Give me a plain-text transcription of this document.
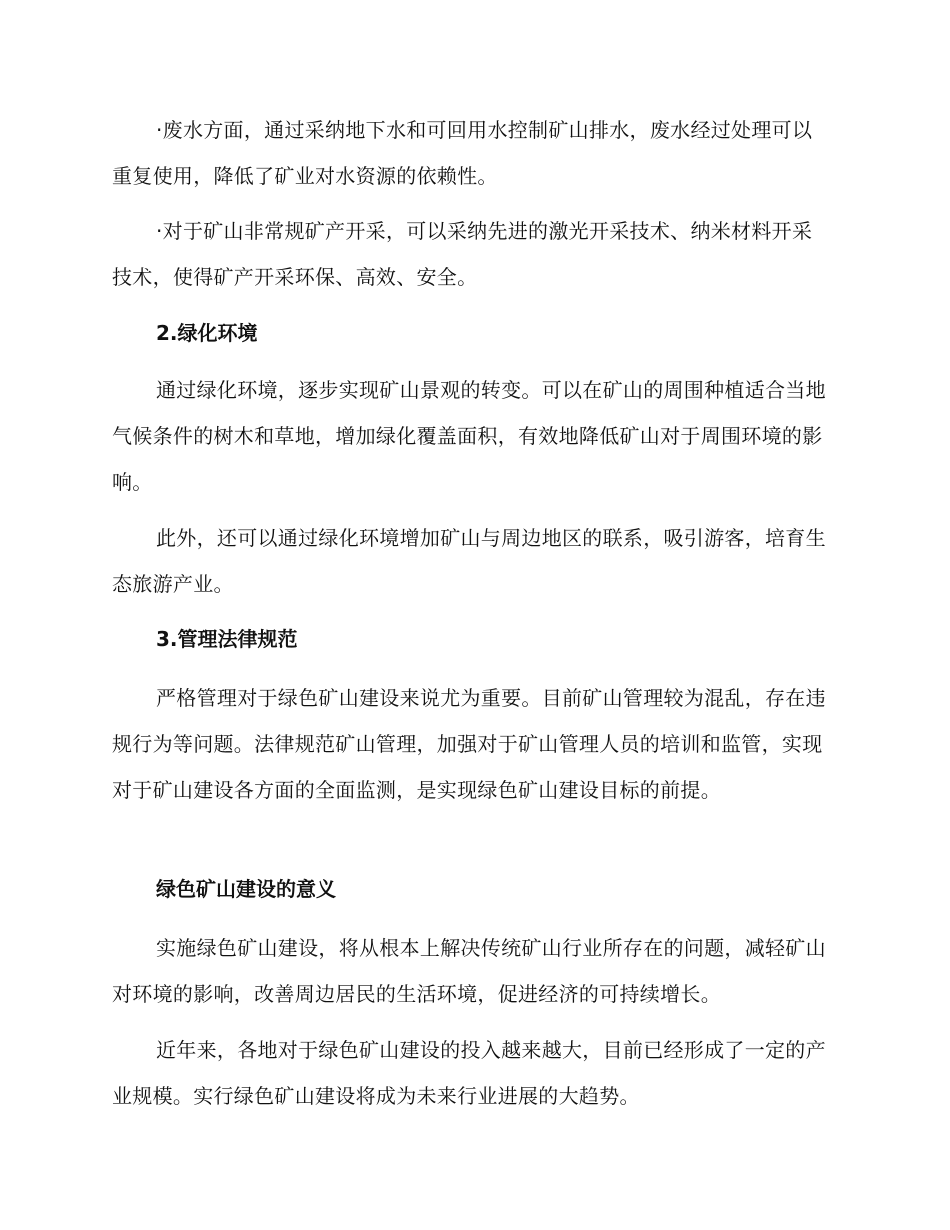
·废水方面，通过采纳地下水和可回用水控制矿山排水，废水经过处理可以重复使用，降低了矿业对水资源的依赖性。

·对于矿山非常规矿产开采，可以采纳先进的激光开采技术、纳米材料开采技术，使得矿产开采环保、高效、安全。

2.绿化环境

通过绿化环境，逐步实现矿山景观的转变。可以在矿山的周围种植适合当地气候条件的树木和草地，增加绿化覆盖面积，有效地降低矿山对于周围环境的影响。

此外，还可以通过绿化环境增加矿山与周边地区的联系，吸引游客，培育生态旅游产业。

3.管理法律规范

严格管理对于绿色矿山建设来说尤为重要。目前矿山管理较为混乱，存在违规行为等问题。法律规范矿山管理，加强对于矿山管理人员的培训和监管，实现对于矿山建设各方面的全面监测，是实现绿色矿山建设目标的前提。

绿色矿山建设的意义

实施绿色矿山建设，将从根本上解决传统矿山行业所存在的问题，减轻矿山对环境的影响，改善周边居民的生活环境，促进经济的可持续增长。

近年来，各地对于绿色矿山建设的投入越来越大，目前已经形成了一定的产业规模。实行绿色矿山建设将成为未来行业进展的大趋势。
